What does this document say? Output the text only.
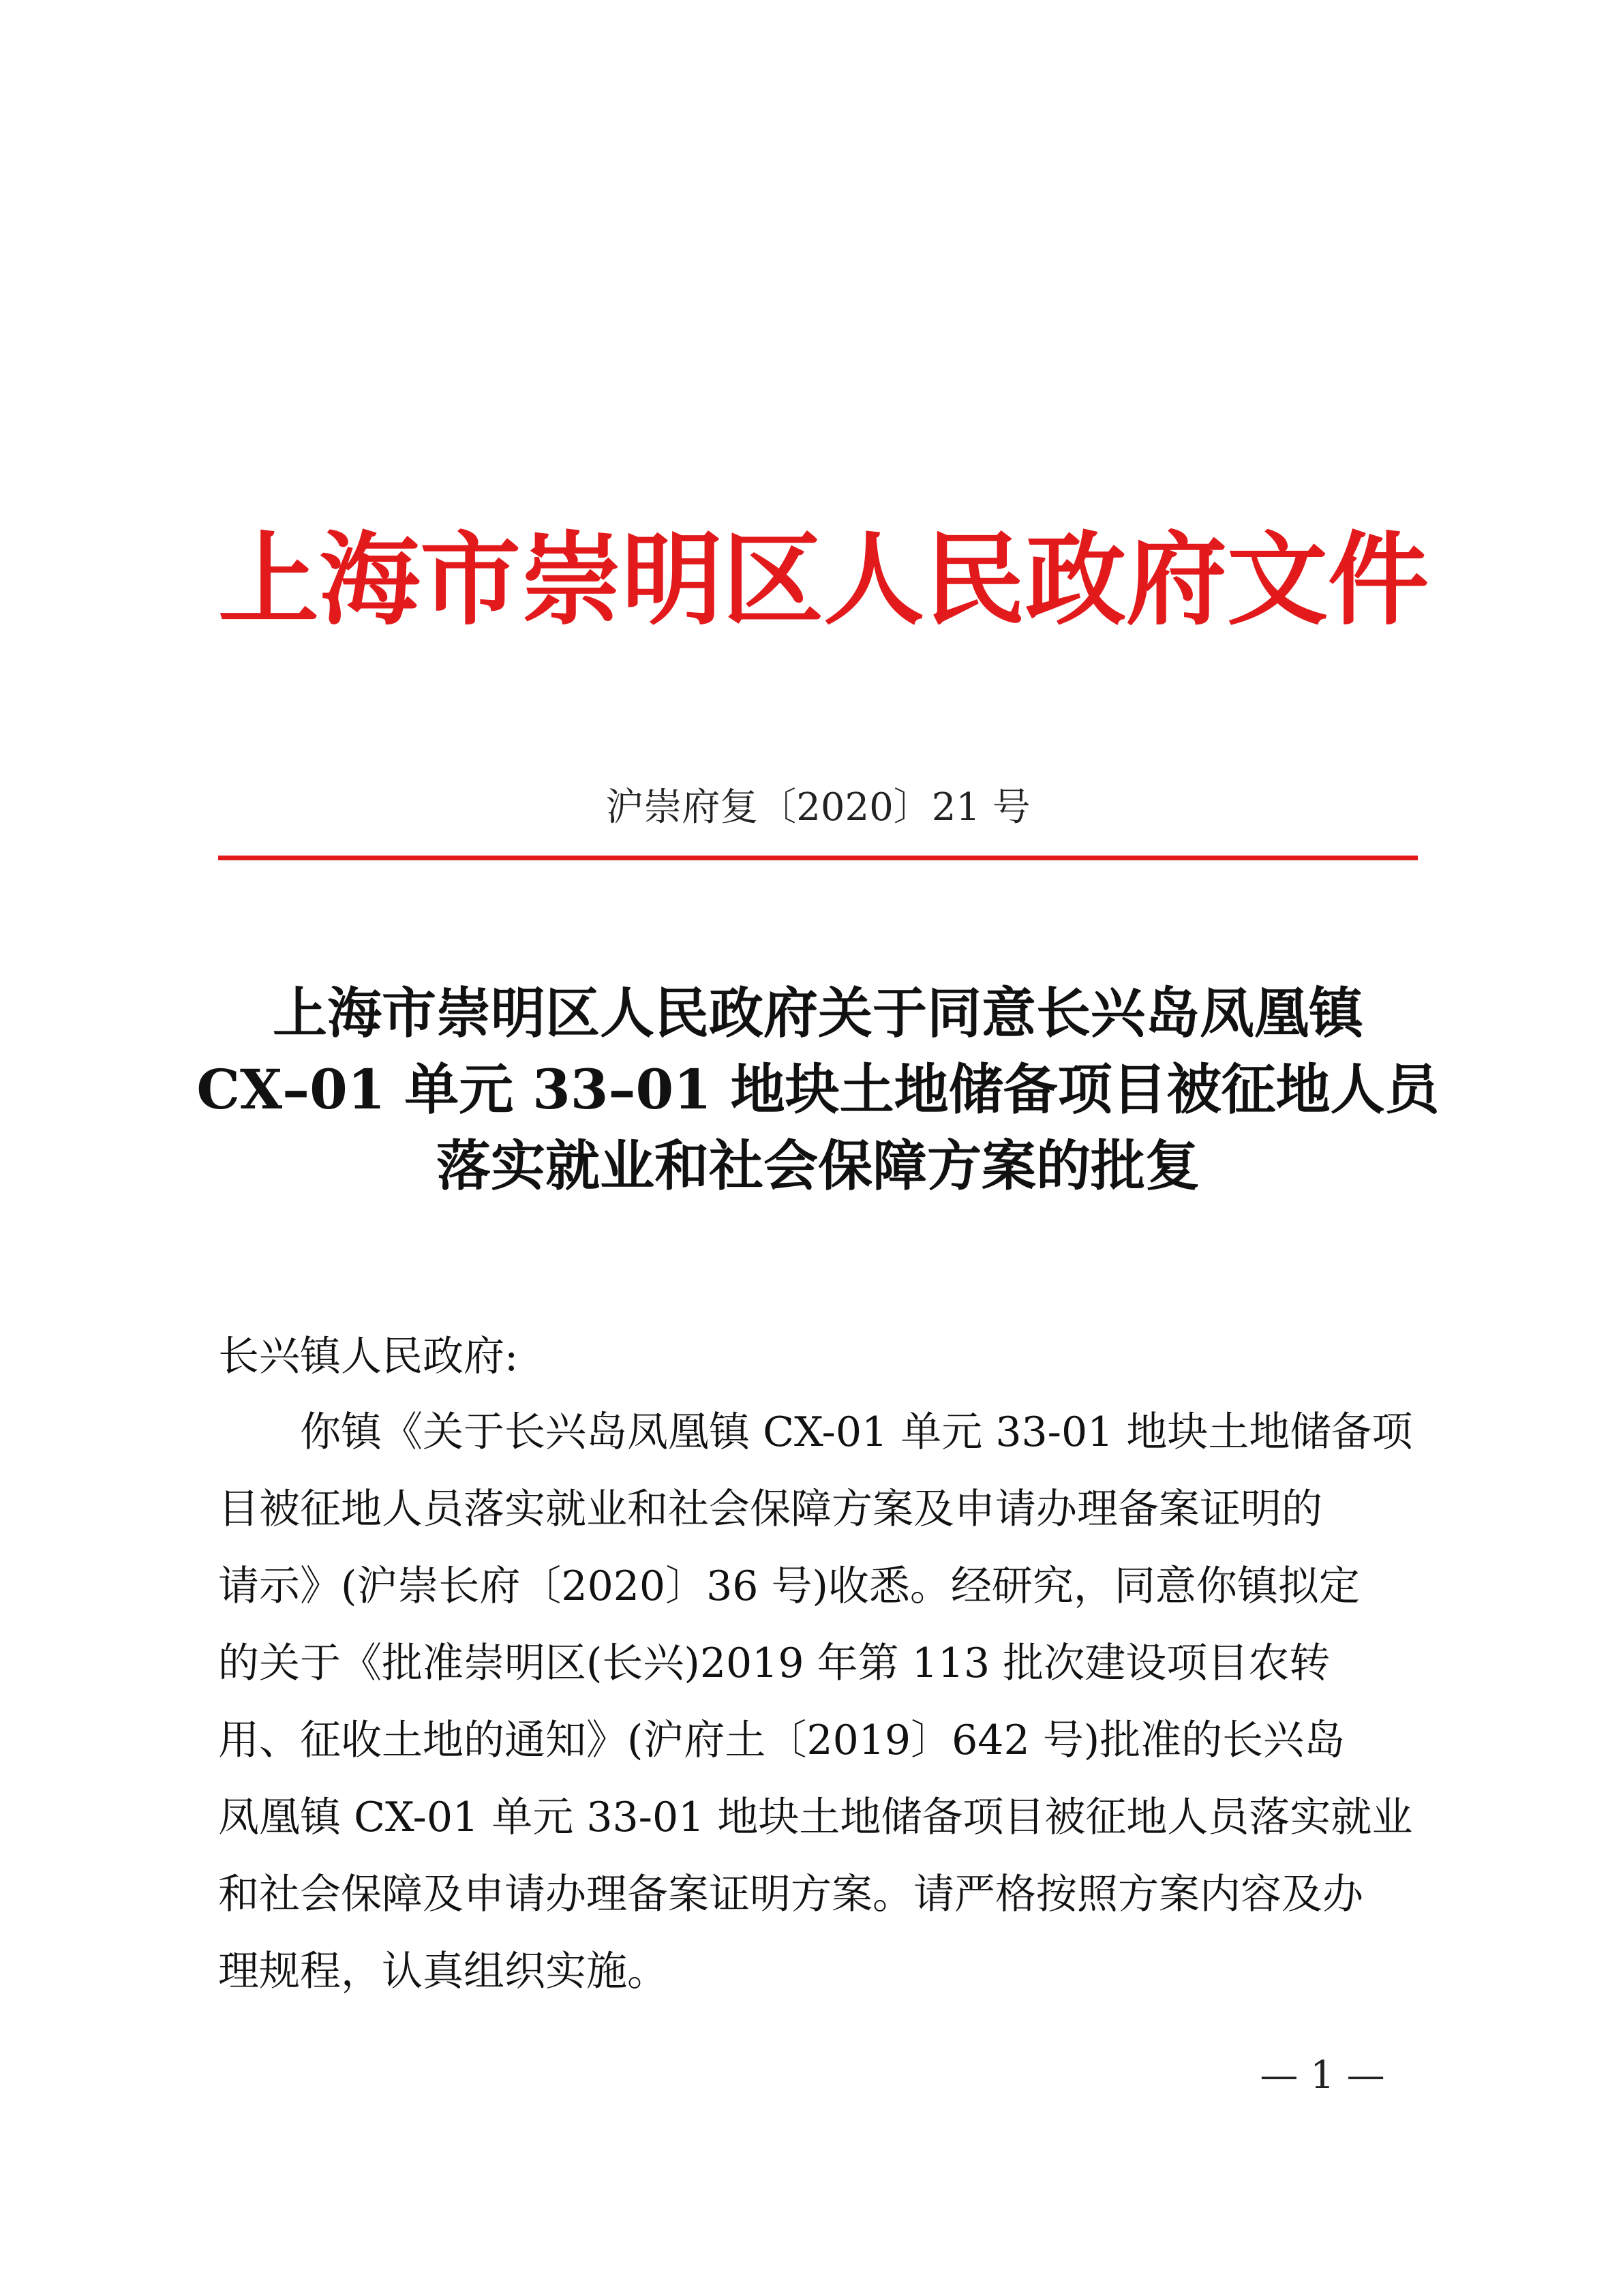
上海市崇明区人民政府文件
沪崇府复〔2020〕21 号
上海市崇明区人民政府关于同意长兴岛凤凰镇
CX–01 单元 33–01 地块土地储备项目被征地人员
落实就业和社会保障方案的批复
长兴镇人民政府:
你镇《关于长兴岛凤凰镇 CX-01 单元 33-01 地块土地储备项
目被征地人员落实就业和社会保障方案及申请办理备案证明的
请示》(沪崇长府〔2020〕36 号)收悉。经研究，同意你镇拟定
的关于《批准崇明区(长兴)2019 年第 113 批次建设项目农转
用、征收土地的通知》(沪府土〔2019〕642 号)批准的长兴岛
凤凰镇 CX-01 单元 33-01 地块土地储备项目被征地人员落实就业
和社会保障及申请办理备案证明方案。请严格按照方案内容及办
理规程，认真组织实施。
— 1 —
